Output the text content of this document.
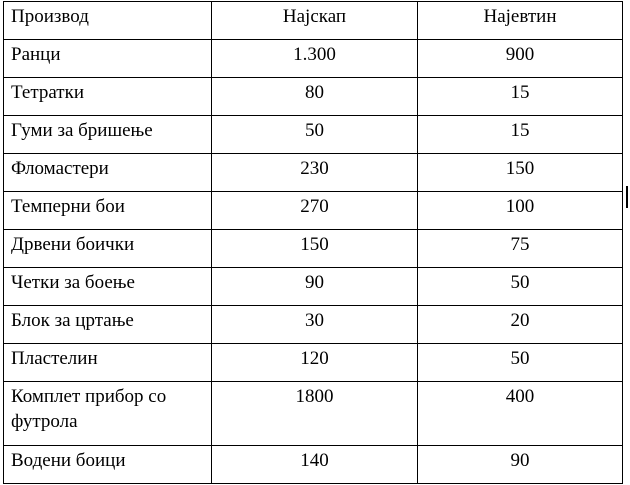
Производ	Најскап	Најевтин
Ранци	1.300	900
Тетратки	80	15
Гуми за бришење	50	15
Фломастери	230	150
Темперни бои	270	100
Дрвени боички	150	75
Четки за боење	90	50
Блок за цртање	30	20
Пластелин	120	50
Комплет прибор со футрола	1800	400
Водени боици	140	90
